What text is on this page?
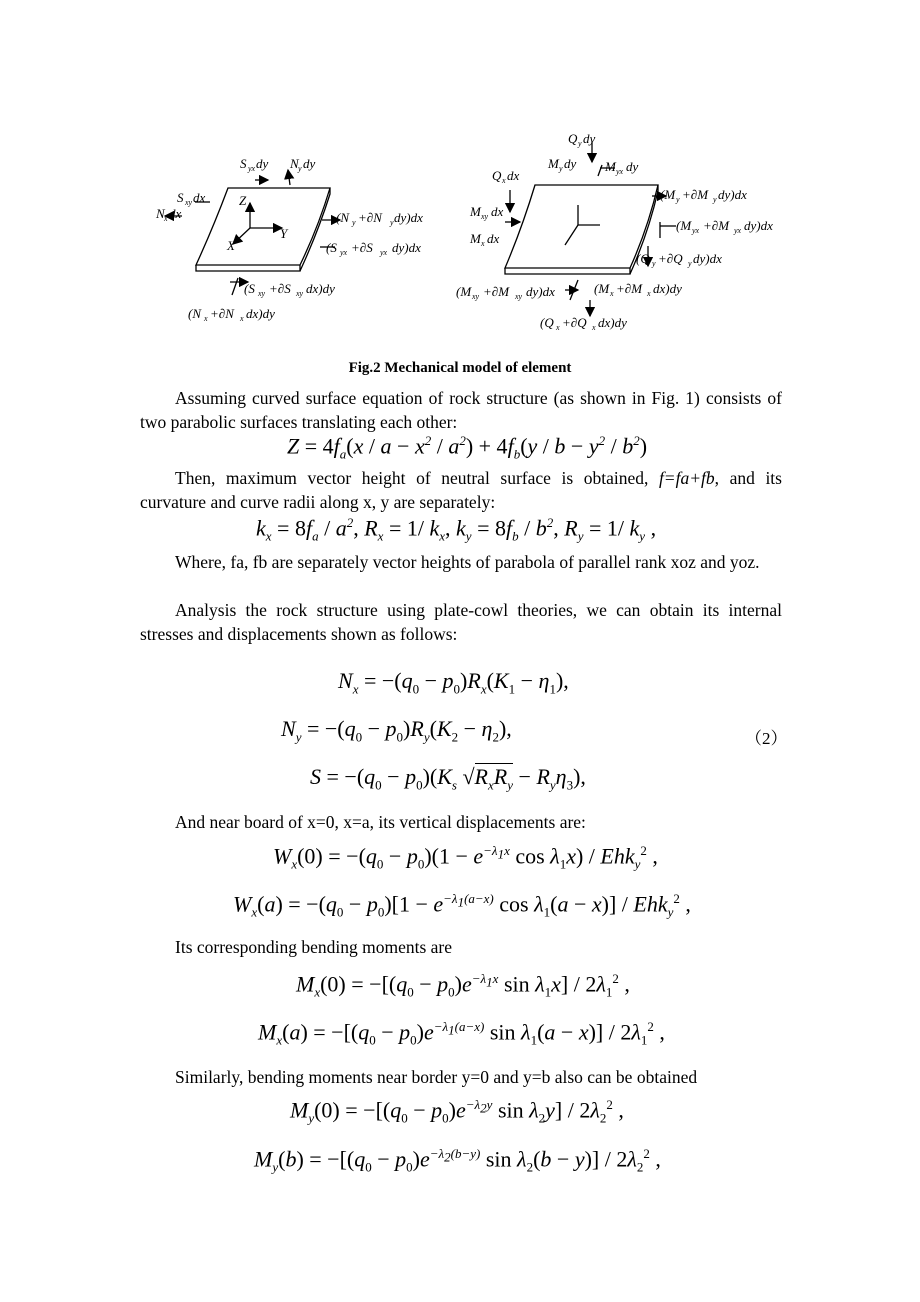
S yx dy N y dy
S xy dx
N x dx
Z
Y
X
(N y +∂N y dy)dx
(S yx +∂S yx dy)dx
(S xy +∂S xy dx)dy
(N x +∂N x dx)dy
Q y dy
M y dy M yx dy
Q x dx
M xy dx
M x dx
(M y +∂M y dy)dx
(M yx +∂M yx dy)dx
(Q y +∂Q y dy)dx
(M xy +∂M xy dy)dx	(M x +∂M x dx)dy
(Q x +∂Q x dx)dy
Fig.2 Mechanical model of element
Assuming curved surface equation of rock structure (as shown in Fig. 1) consists of two parabolic surfaces translating each other:
$Z = 4f_a(x / a - x^2 / a^2) + 4f_b(y / b - y^2 / b^2)$
Then, maximum vector height of neutral surface is obtained, f=fa+fb, and its curvature and curve radii along x, y are separately:
$k_x = 8f_a / a^2$, $R_x = 1/$ $k_x$, $k_y = 8f_b / b^2$, $R_y = 1/$ $k_y$ ,
Where, fa, fb are separately vector heights of parabola of parallel rank xoz and yoz.
Analysis the rock structure using plate-cowl theories, we can obtain its internal stresses and displacements shown as follows:
$N_x = -(q_0 - p_0)R_x(K_1 - \eta_1)$,
$N_y = -(q_0 - p_0)R_y(K_2 - \eta_2)$,	（2）
$S = -(q_0 - p_0)(K_s$ $√R_xR_y - R_y\eta_3$),
And near board of x=0, x=a, its vertical displacements are:
$W_x(0) = -(q_0 - p_0)(1 - e^{-\lambda_1x}$ $\cos \lambda_1x) / Ehk_y^2$ ,
$W_x(a) = -(q_0 - p_0)[1 - e^{-\lambda_1(a-x)}$ $\cos \lambda_1(a - x)] / Ehk_y^2$ ,
Its corresponding bending moments are
$M_x(0) = -[(q_0 - p_0)e^{-\lambda_1x}$ $\sin \lambda_1x] / 2\lambda_1^2$ ,
$M_x(a) = -[(q_0 - p_0)e^{-\lambda_1(a-x)}$ $\sin \lambda_1(a - x)] / 2\lambda_1^2$ ,
Similarly, bending moments near border y=0 and y=b also can be obtained
$M_y(0) = -[(q_0 - p_0)e^{-\lambda_2y}$ $\sin \lambda_2y] / 2\lambda_2^2$ ,
$M_y(b) = -[(q_0 - p_0)e^{-\lambda_2(b-y)}$ $\sin \lambda_2(b - y)] / 2\lambda_2^2$ ,
